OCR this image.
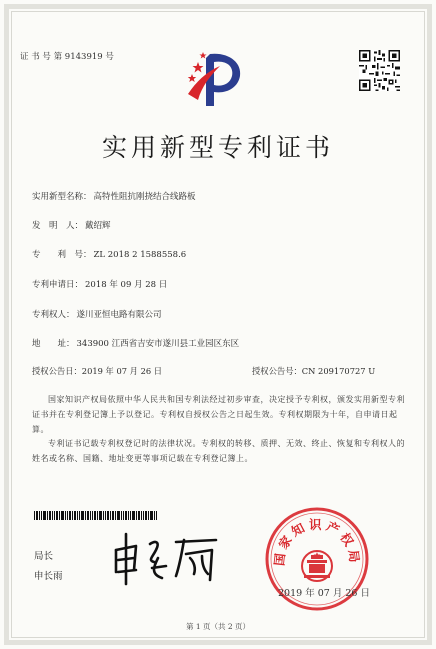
证 书 号 第 9143919 号
实用新型专利证书
实用新型名称： 高特性阻抗刚挠结合线路板
发　明　人： 戴绍辉
专　　利　号： ZL 2018 2 1588558.6
专利申请日： 2018 年 09 月 28 日
专利权人： 遂川亚恒电路有限公司
地　　址： 343900 江西省吉安市遂川县工业园区东区
授权公告日：2019 年 07 月 26 日	授权公告号：CN 209170727 U
国家知识产权局依照中华人民共和国专利法经过初步审查，决定授予专利权，颁发实用新型专利证书并在专利登记簿上予以登记。专利权自授权公告之日起生效。专利权期限为十年，自申请日起算。
专利证书记载专利权登记时的法律状况。专利权的转移、质押、无效、终止、恢复和专利权人的姓名或名称、国籍、地址变更等事项记载在专利登记簿上。
局长
申长雨
国家知识产权局
2019 年 07 月 26 日
第 1 页（共 2 页）
